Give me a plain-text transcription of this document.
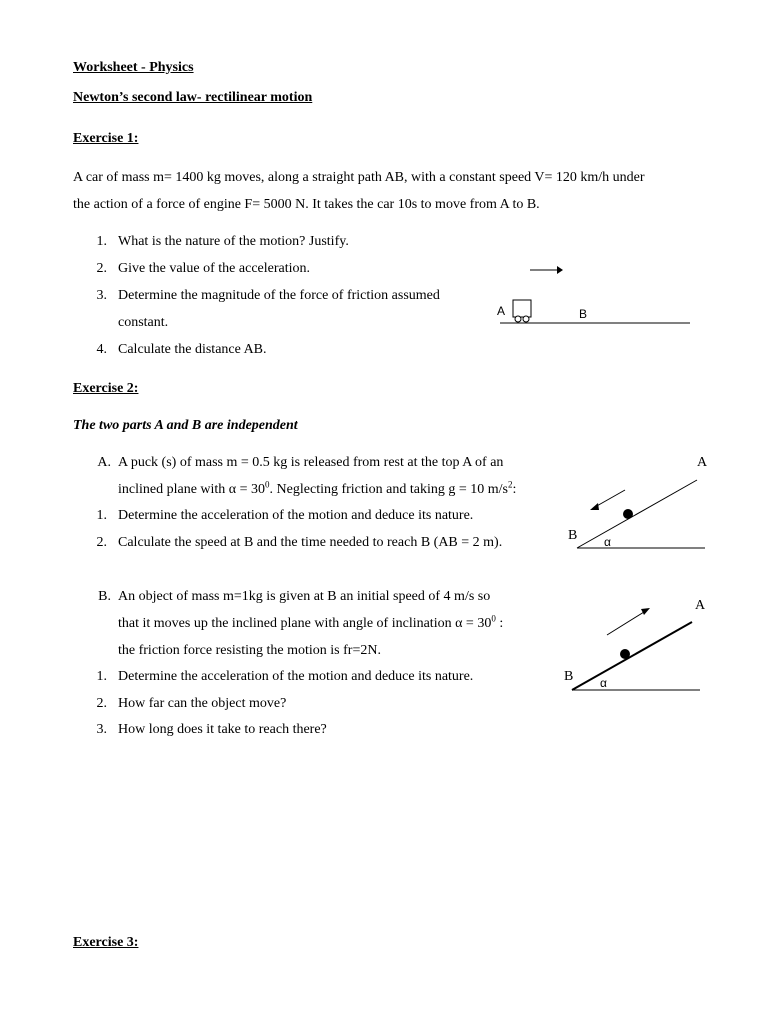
Worksheet - Physics
Newton’s second law- rectilinear motion
Exercise 1:
A car of mass m= 1400 kg moves, along a straight path AB, with a constant speed V= 120 km/h under
the action of a force of engine F= 5000 N. It takes the car 10s to move from A to B.
1. What is the nature of the motion? Justify.
2. Give the value of the acceleration.
3. Determine the magnitude of the force of friction assumed
constant.
4. Calculate the distance AB.
A	B
Exercise 2:
The two parts A and B are independent
A. A puck (s) of mass m = 0.5 kg is released from rest at the top A of an
inclined plane with $\alpha = 30^0$. Neglecting friction and taking g = 10 $m/s^2$:
1. Determine the acceleration of the motion and deduce its nature.
2. Calculate the speed at B and the time needed to reach B (AB = 2 m).
A
B α
B. An object of mass m=1kg is given at B an initial speed of 4 m/s so
that it moves up the inclined plane with angle of inclination $\alpha = 30^0$ :
the friction force resisting the motion is fr=2N.
1. Determine the acceleration of the motion and deduce its nature.
2. How far can the object move?
3. How long does it take to reach there?
A
B α
Exercise 3:
